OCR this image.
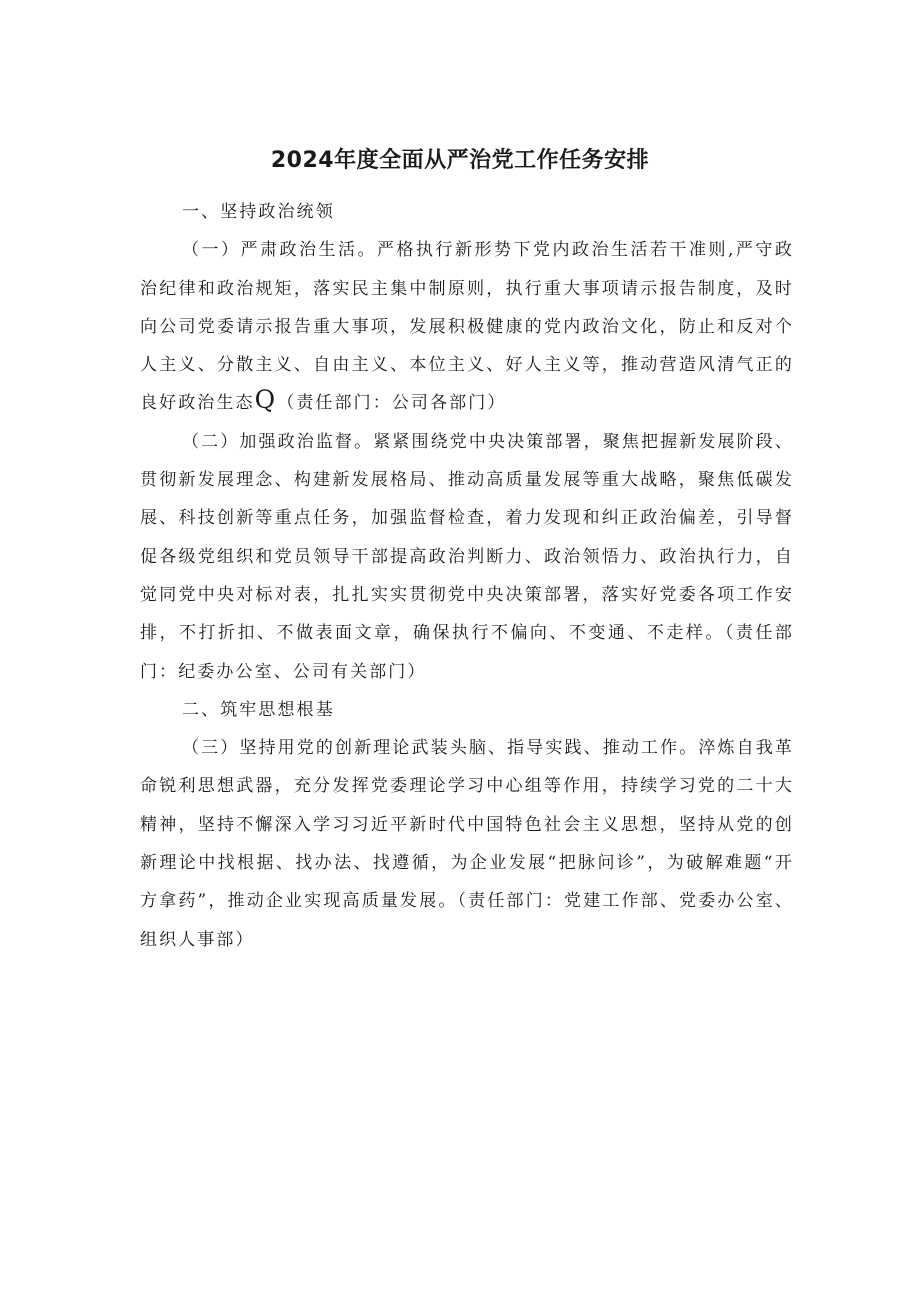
2024年度全面从严治党工作任务安排

一、坚持政治统领

（一）严肃政治生活。严格执行新形势下党内政治生活若干准则,严守政治纪律和政治规矩，落实民主集中制原则，执行重大事项请示报告制度，及时向公司党委请示报告重大事项，发展积极健康的党内政治文化，防止和反对个人主义、分散主义、自由主义、本位主义、好人主义等，推动营造风清气正的良好政治生态Q（责任部门：公司各部门）

（二）加强政治监督。紧紧围绕党中央决策部署，聚焦把握新发展阶段、贯彻新发展理念、构建新发展格局、推动高质量发展等重大战略，聚焦低碳发展、科技创新等重点任务，加强监督检查，着力发现和纠正政治偏差，引导督促各级党组织和党员领导干部提高政治判断力、政治领悟力、政治执行力，自觉同党中央对标对表，扎扎实实贯彻党中央决策部署，落实好党委各项工作安排，不打折扣、不做表面文章，确保执行不偏向、不变通、不走样。（责任部门：纪委办公室、公司有关部门）

二、筑牢思想根基

（三）坚持用党的创新理论武装头脑、指导实践、推动工作。淬炼自我革命锐利思想武器，充分发挥党委理论学习中心组等作用，持续学习党的二十大精神，坚持不懈深入学习习近平新时代中国特色社会主义思想，坚持从党的创新理论中找根据、找办法、找遵循，为企业发展“把脉问诊”，为破解难题“开方拿药”，推动企业实现高质量发展。（责任部门：党建工作部、党委办公室、组织人事部）
